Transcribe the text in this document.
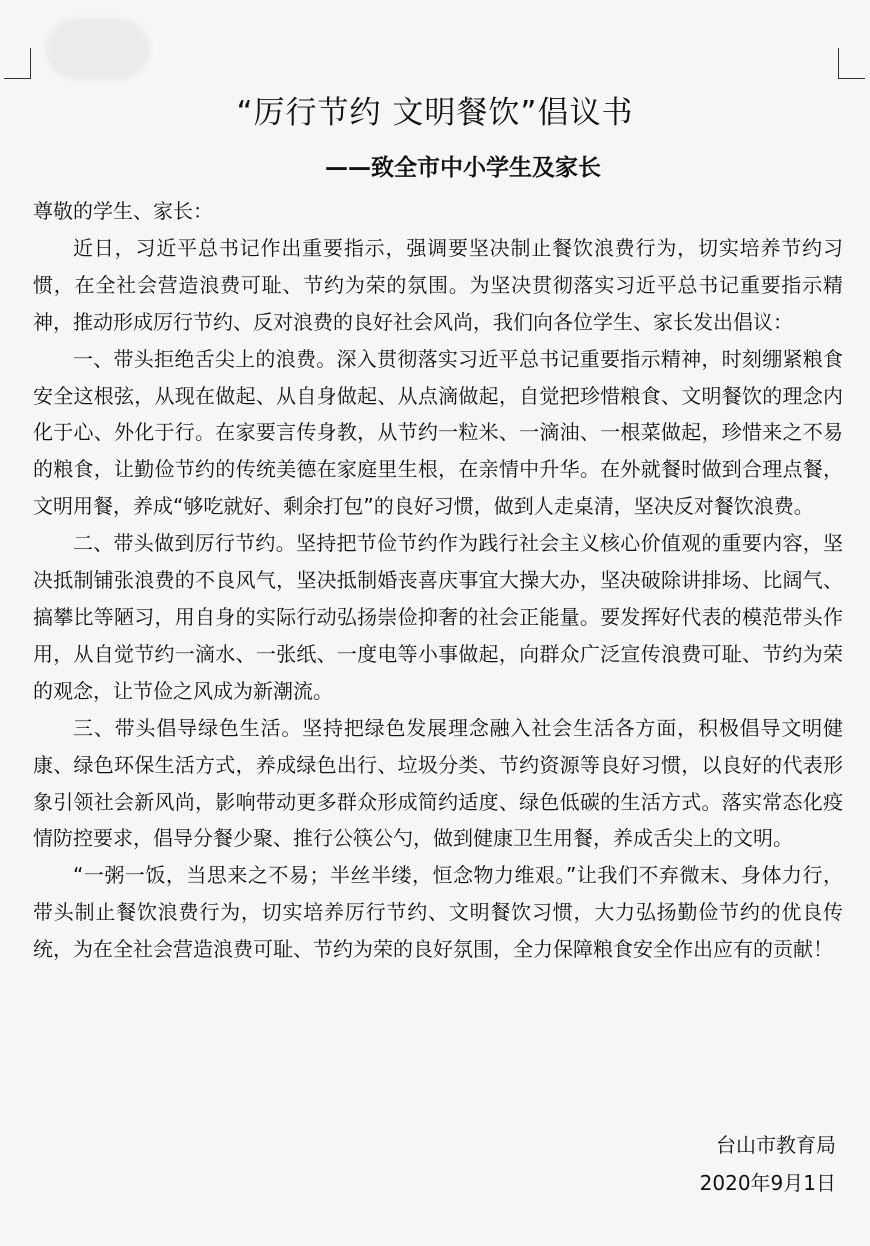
“厉行节约 文明餐饮”倡议书
——致全市中小学生及家长

尊敬的学生、家长：

近日，习近平总书记作出重要指示，强调要坚决制止餐饮浪费行为，切实培养节约习惯，在全社会营造浪费可耻、节约为荣的氛围。为坚决贯彻落实习近平总书记重要指示精神，推动形成厉行节约、反对浪费的良好社会风尚，我们向各位学生、家长发出倡议：

一、带头拒绝舌尖上的浪费。深入贯彻落实习近平总书记重要指示精神，时刻绷紧粮食安全这根弦，从现在做起、从自身做起、从点滴做起，自觉把珍惜粮食、文明餐饮的理念内化于心、外化于行。在家要言传身教，从节约一粒米、一滴油、一根菜做起，珍惜来之不易的粮食，让勤俭节约的传统美德在家庭里生根，在亲情中升华。在外就餐时做到合理点餐，文明用餐，养成“够吃就好、剩余打包”的良好习惯，做到人走桌清，坚决反对餐饮浪费。

二、带头做到厉行节约。坚持把节俭节约作为践行社会主义核心价值观的重要内容，坚决抵制铺张浪费的不良风气，坚决抵制婚丧喜庆事宜大操大办，坚决破除讲排场、比阔气、搞攀比等陋习，用自身的实际行动弘扬崇俭抑奢的社会正能量。要发挥好代表的模范带头作用，从自觉节约一滴水、一张纸、一度电等小事做起，向群众广泛宣传浪费可耻、节约为荣的观念，让节俭之风成为新潮流。

三、带头倡导绿色生活。坚持把绿色发展理念融入社会生活各方面，积极倡导文明健康、绿色环保生活方式，养成绿色出行、垃圾分类、节约资源等良好习惯，以良好的代表形象引领社会新风尚，影响带动更多群众形成简约适度、绿色低碳的生活方式。落实常态化疫情防控要求，倡导分餐少聚、推行公筷公勺，做到健康卫生用餐，养成舌尖上的文明。

“一粥一饭，当思来之不易；半丝半缕，恒念物力维艰。”让我们不弃微末、身体力行，带头制止餐饮浪费行为，切实培养厉行节约、文明餐饮习惯，大力弘扬勤俭节约的优良传统，为在全社会营造浪费可耻、节约为荣的良好氛围，全力保障粮食安全作出应有的贡献！

台山市教育局
2020年9月1日
